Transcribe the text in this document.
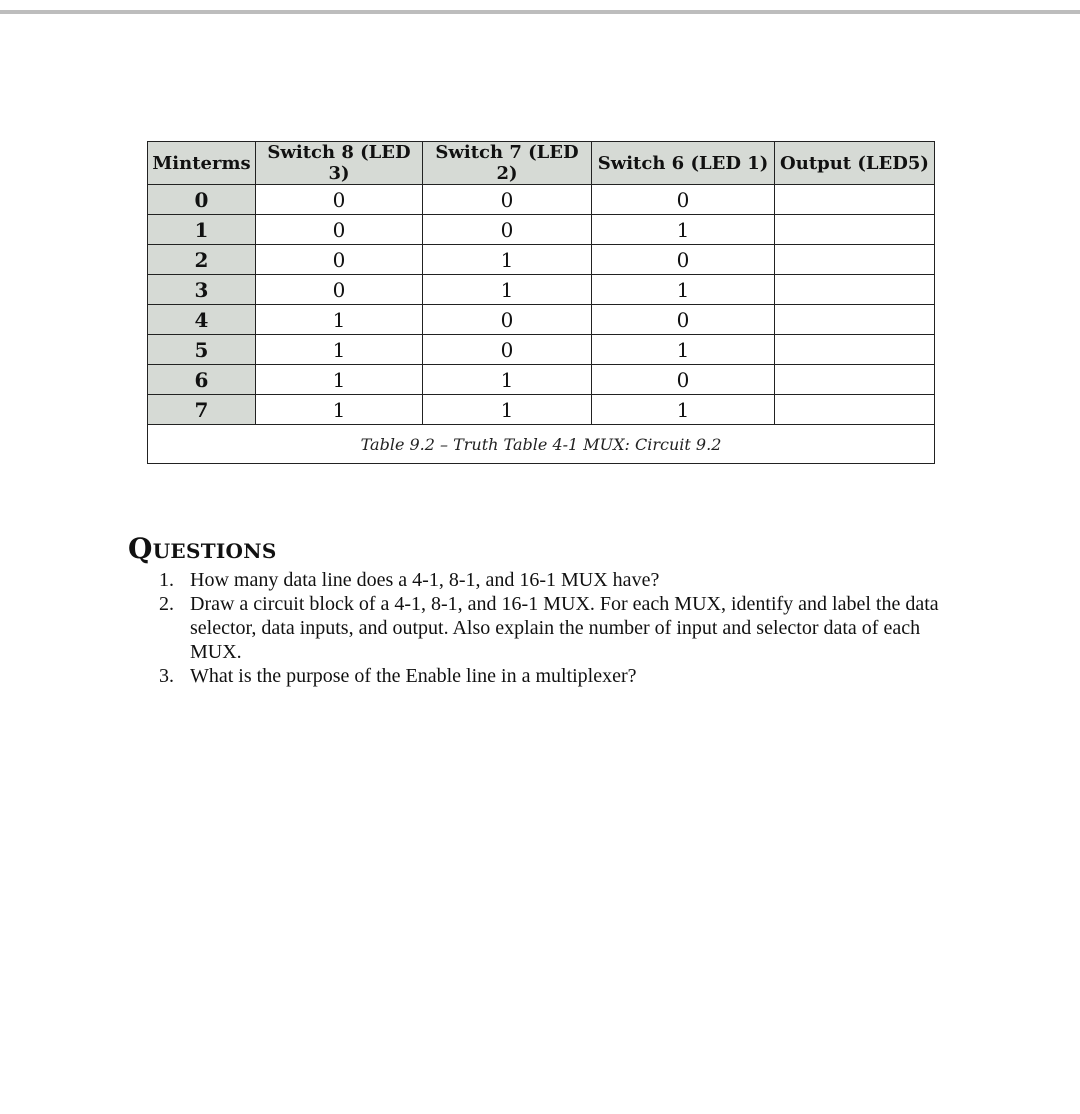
Minterms	Switch 8 (LED 3)	Switch 7 (LED 2)	Switch 6 (LED 1)	Output (LED5)
0	0	0	0	
1	0	0	1	
2	0	1	0	
3	0	1	1	
4	1	0	0	
5	1	0	1	
6	1	1	0	
7	1	1	1	
Table 9.2 – Truth Table 4-1 MUX: Circuit 9.2				
Questions
1. How many data line does a 4-1, 8-1, and 16-1 MUX have?
2. Draw a circuit block of a 4-1, 8-1, and 16-1 MUX. For each MUX, identify and label the data selector, data inputs, and output. Also explain the number of input and selector data of each MUX.
3. What is the purpose of the Enable line in a multiplexer?
